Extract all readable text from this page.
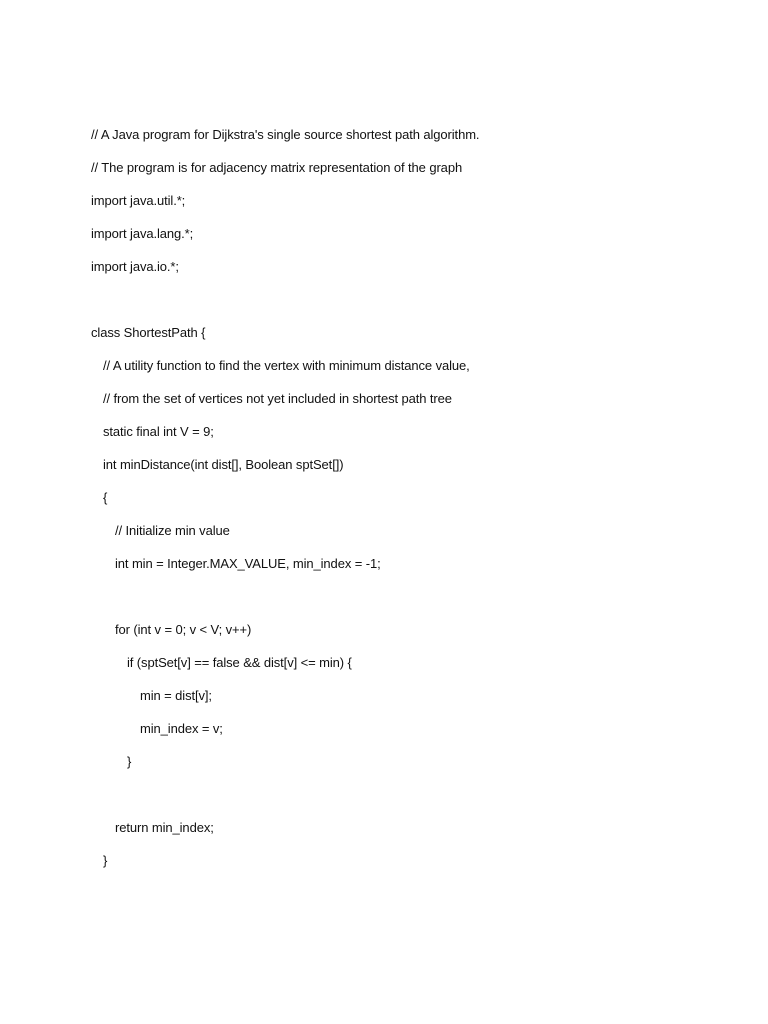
// A Java program for Dijkstra's single source shortest path algorithm.
// The program is for adjacency matrix representation of the graph
import java.util.*;
import java.lang.*;
import java.io.*;
class ShortestPath {
// A utility function to find the vertex with minimum distance value,
// from the set of vertices not yet included in shortest path tree
static final int V = 9;
int minDistance(int dist[], Boolean sptSet[])
{
// Initialize min value
int min = Integer.MAX_VALUE, min_index = -1;
for (int v = 0; v < V; v++)
if (sptSet[v] == false && dist[v] <= min) {
min = dist[v];
min_index = v;
}
return min_index;
}
